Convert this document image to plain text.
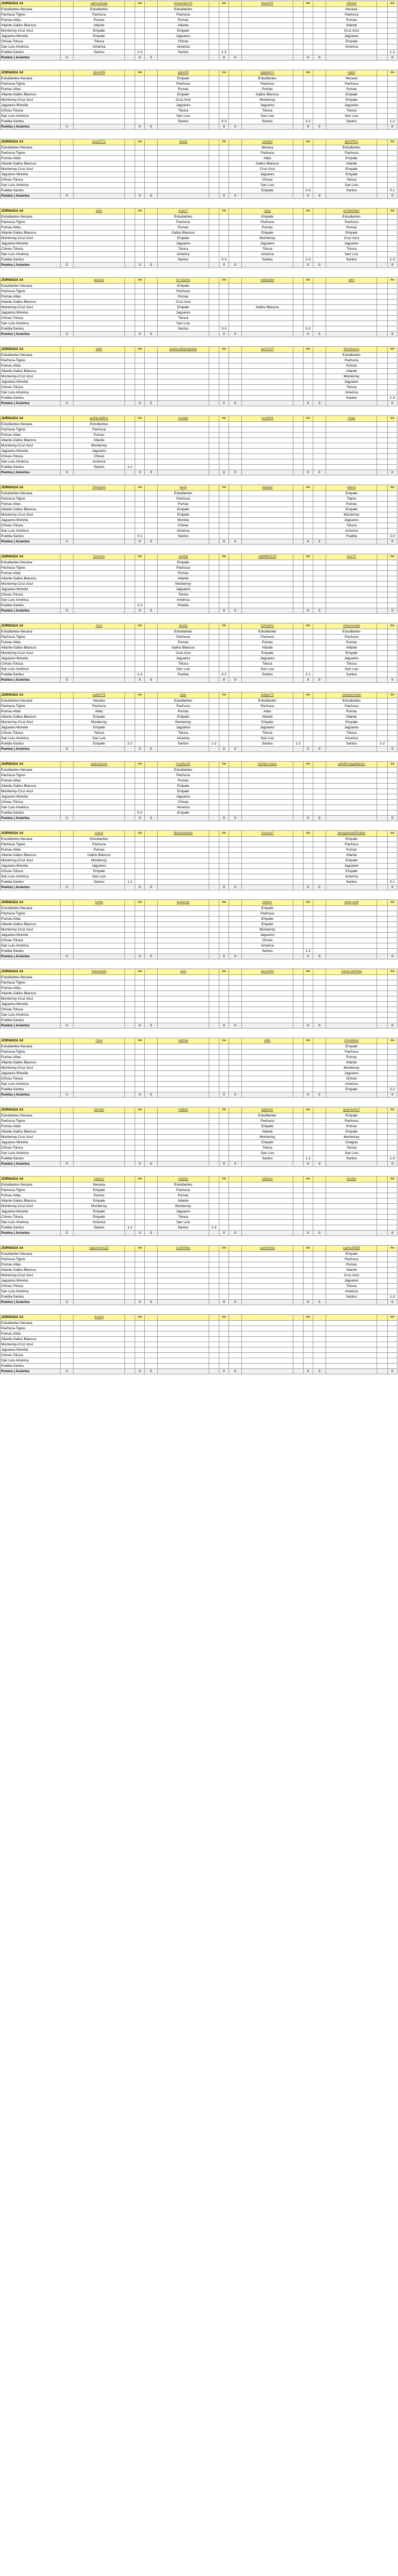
JORNADA 14		sancudoaa		=>		tooxanler10		=>		titan007		=>		silvere		=>
Estudiantes-Necaxa		Estudiantes				Estudiantes								Necaxa		
Pachuca-Tigres		Pachuca				Pachuca								Pachuca		
Pumas-Atlas		Pumas				Pumas								Pumas		
Atlante-Gallos Blancos		Atlante				Atlante								Atlante		
Monterrey-Cruz Azul		Empate				Empate								Cruz Azul		
Jaguares-Morelia		Empate				Jaguares								Jaguares		
Chivas-Toluca		Toluca				Chivas								Empate		
San Luis-América		America				America								America		
Puebla-Santos		Santos		1-3		Santos		1-2								1-2
Puntos | Aciertos	0			0	0			0	0			0	0			0
JORNADA 14		oliver95		=>		gato03		=>		gigiperr1		=>		ralph		=>
Estudiantes-Necaxa						Empate				Estudiantes				Necaxa		
Pachuca-Tigres						Pachuca				Pachuca				Pachuca		
Pumas-Atlas						Pumas				Pumas				Pumas		
Atlante-Gallos Blancos						Empate				Gallos Blancos				Empate		
Monterrey-Cruz Azul						Cruz Azul				Monterrey				Empate		
Jaguares-Morelia						Jaguares				Jaguares				Jaguares		
Chivas-Toluca						Toluca				Toluca				Toluca		
San Luis-América						San Luis				San Luis				San Luis		
Puebla-Santos						Santos		0-3		Santos		0-2		Santos		1-2
Puntos | Aciertos	0			0	0			0	0			0	0			0
JORNADA 14		ana3721		=>		niedo		=>		carako		=>		jgrh2001		=>
Estudiantes-Necaxa										Necaxa				Estudiantes		
Pachuca-Tigres										Pachuca				Pachuca		
Pumas-Atlas										Atlas				Empate		
Atlante-Gallos Blancos										Gallos Blancos				Atlante		
Monterrey-Cruz Azul										Cruz Azul				Empate		
Jaguares-Morelia										Jaguares				Empate		
Chivas-Toluca										Chivas				Toluca		
San Luis-América										San Luis				San Luis		
Puebla-Santos										Empate		0-3		Santos		0-1
Puntos | Aciertos	0			0	0			0	0			0	0			0
JORNADA 14		alito		=>		evan7		=>		raza		=>		profelelian		=>
Estudiantes-Necaxa						Estudiantes				Empate				Estudiantes		
Pachuca-Tigres						Pachuca				Pachuca				Pachuca		
Pumas-Atlas						Pumas				Pumas				Pumas		
Atlante-Gallos Blancos						Gallos Blancos				Empate				Empate		
Monterrey-Cruz Azul						Empate				Monterrey				Cruz Azul		
Jaguares-Morelia						Jaguares				Jaguares				Jaguares		
Chivas-Toluca						Toluca				Toluca				Toluca		
San Luis-América						America				America				San Luis		
Puebla-Santos						Santos		0-3		Santos		2-3		Santos		1-3
Puntos | Aciertos	0			0	0			0	0			0	0			0
JORNADA 14		acacio		=>		el mismo		=>		nebyrale		=>		alre		=>
Estudiantes-Necaxa						Empate										
Pachuca-Tigres						Pachuca										
Pumas-Atlas						Pumas										
Atlante-Gallos Blancos						Cruz Azul										
Monterrey-Cruz Azul						Empate				Gallos Blancos						
Jaguares-Morelia						Jaguares										
Chivas-Toluca						Toluca										
San Luis-América						San Luis										
Puebla-Santos						Santos		0-3				0-2				
Puntos | Aciertos	0			0	0			0	0			0	0			0
JORNADA 14		julio		=>		quiniculitgragebar		=>		gm2107		=>		ferrancers		=>
Estudiantes-Necaxa														Estudiantes		
Pachuca-Tigres														Pachuca		
Pumas-Atlas														Pumas		
Atlante-Gallos Blancos														Atlante		
Monterrey-Cruz Azul														Monterrey		
Jaguares-Morelia														Jaguares		
Chivas-Toluca														Toluca		
San Luis-América														America		
Puebla-Santos														Santos		1-3
Puntos | Aciertos	0			0	0			0	0			0	0			0
JORNADA 14		gollaruiblin1		=>		isoakti		=>		reuth54		=>		chau		=>
Estudiantes-Necaxa		Estudiantes														
Pachuca-Tigres		Pachuca														
Pumas-Atlas		Pumas														
Atlante-Gallos Blancos		Atlante														
Monterrey-Cruz Azul		Monterrey														
Jaguares-Morelia		Jaguares														
Chivas-Toluca		Chivas														
San Luis-América		America														
Puebla-Santos		Santos	1-2													
Puntos | Aciertos	0			0	0			0	0			0	0			0
JORNADA 14		zhoquim		=>		kevil		=>		nijaojiz		=>		karvy		=>
Estudiantes-Necaxa						Estudiantes								Empate		
Pachuca-Tigres						Pachuca								Tigres		
Pumas-Atlas						Pumas								Pumas		
Atlante-Gallos Blancos						Empate								Empate		
Monterrey-Cruz Azul						Empate								Monterrey		
Jaguares-Morelia						Morelia								Jaguares		
Chivas-Toluca						Chivas								Toluca		
San Luis-América						America								America		
Puebla-Santos				0-1		Santos								Puebla		2-0
Puntos | Aciertos	0			0	0			0	0			0	0			0
JORNADA 14		preloso		=>		sentig		=>		sfg9963100		=>		luis72		=>
Estudiantes-Necaxa						Empate										
Pachuca-Tigres						Pachuca										
Pumas-Atlas						Pumas										
Atlante-Gallos Blancos						Atlante										
Monterrey-Cruz Azul						Monterrey										
Jaguares-Morelia						Jaguares										
Chivas-Toluca						Toluca										
San Luis-América						América										
Puebla-Santos				2-2		Puebla										
Puntos | Aciertos	0			0	0			0	0			0	0			0
JORNADA 14		Jero		=>		pirelo		=>		fufrutero		=>		mececuela		=>
Estudiantes-Necaxa						Estudiantes				Estudiantes				Estudiantes		
Pachuca-Tigres						Pachuca				Pachuca				Pachuca		
Pumas-Atlas						Pumas				Pumas				Pumas		
Atlante-Gallos Blancos						Gallos Blancos				Atlante				Atlante		
Monterrey-Cruz Azul						Cruz Azul				Empate				Empate		
Jaguares-Morelia						Jaguares				Jaguares				Jaguares		
Chivas-Toluca						Toluca				Toluca				Toluca		
San Luis-América						San Luis				San Luis				San Luis		
Puebla-Santos				2-3		Puebla		0-2		Santos		2-1		Santos		
Puntos | Aciertos	0			0	0			0	0			0	0			0
JORNADA 14		pablo79		=>		klau		=>		edgar70		=>		claseprestar		=>
Estudiantes-Necaxa		Necaxa				Estudiantes				Estudiantes				Estudiantes		
Pachuca-Tigres		Pachuca				Pachuca				Pachuca				Pachuca		
Pumas-Atlas		Atlas				Pumas				Atlas				Pumas		
Atlante-Gallos Blancos		Empate				Empate				Atlante				Atlante		
Monterrey-Cruz Azul		Monterrey				Monterrey				Empate				Empate		
Jaguares-Morelia		Empate				Jaguares				Jaguares				Jaguares		
Chivas-Toluca		Toluca				Toluca				Toluca				Toluca		
San Luis-América		San Luis				America				San Luis				America		
Puebla-Santos		Empate	2-2			Santos	1-2			Santos	1-2			Santos	1-2	
Puntos | Aciertos	0			0	0			0	0			0	0			0
JORNADA 14		saqudoson		=>		mayitu25		=>		reinfia-reyes		=>		adolfomagellanes		=>
Estudiantes-Necaxa						Estudiantes										
Pachuca-Tigres						Pachuca										
Pumas-Atlas						Pumas										
Atlante-Gallos Blancos						Empate										
Monterrey-Cruz Azul						Empate										
Jaguares-Morelia						Jaguares										
Chivas-Toluca						Chivas										
San Luis-América						America										
Puebla-Santos				0-2		Empate										
Puntos | Aciertos	0			0	0			0	0			0	0			0
JORNADA 14		mario		=>		dlokandrade		=>		chuuin0		=>		abogadodelDiablo		=>
Estudiantes-Necaxa		Estudiantes												Empate		
Pachuca-Tigres		Pachuca												Pachuca		
Pumas-Atlas		Pumas												Pumas		
Atlante-Gallos Blancos		Gallos Blancos												Atlante		
Monterrey-Cruz Azul		Monterrey												Empate		
Jaguares-Morelia		Jaguares												Jaguares		
Chivas-Toluca		Empate												Empate		
San Luis-América		San Luis												America		
Puebla-Santos		Santos	1-2											Santos		2-1
Puntos | Aciertos	0			0	0			0	0			0	0			0
JORNADA 14		turtle		=>		kukas11		=>		petkor		=>		dark-wolf		=>
Estudiantes-Necaxa										Empate						
Pachuca-Tigres										Pachuca						
Pumas-Atlas										Empate						
Atlante-Gallos Blancos										Empate						
Monterrey-Cruz Azul										Monterrey						
Jaguares-Morelia										Jaguares						
Chivas-Toluca										Chivas						
San Luis-América										America						
Puebla-Santos										Santos		1-2				
Puntos | Aciertos	0			0	0			0	0			0	0			0
JORNADA 14		isauracito		=>		savi		=>		yessirdo		=>		vang-vantista		=>
Estudiantes-Necaxa																
Pachuca-Tigres																
Pumas-Atlas																
Atlante-Gallos Blancos																
Monterrey-Cruz Azul																
Jaguares-Morelia																
Chivas-Toluca																
San Luis-América																
Puebla-Santos																
Puntos | Aciertos	0			0	0			0	0			0	0			0
JORNADA 14		roca		=>		selmie		=>		etlik		=>		chivaldez		=>
Estudiantes-Necaxa														Empate		
Pachuca-Tigres														Pachuca		
Pumas-Atlas														Pumas		
Atlante-Gallos Blancos														Atlante		
Monterrey-Cruz Azul														Monterrey		
Jaguares-Morelia														Jaguares		
Chivas-Toluca														Chivas		
San Luis-América														America		
Puebla-Santos														Empate		2-2
Puntos | Aciertos	0			0	0			0	0			0	0			0
JORNADA 14		elrulas		=>		robbin		=>		jalberto		=>		guerrerito7		=>
Estudiantes-Necaxa										Estudiantes				Empate		
Pachuca-Tigres										Pachuca				Pachuca		
Pumas-Atlas										Empate				Pumas		
Atlante-Gallos Blancos										Atlante				Empate		
Monterrey-Cruz Azul										Monterrey				Monterrey		
Jaguares-Morelia										Empate				Chiapas		
Chivas-Toluca										Toluca				Toluca		
San Luis-América										San Luis				San Luis		
Puebla-Santos										Santos		1-2		Santos		1-3
Puntos | Aciertos	0			0	0			0	0			0	0			0
JORNADA 14		valeno		=>		chelsy		=>		rotteno		=>		tombo		=>
Estudiantes-Necaxa		Necaxa				Estudiantes										
Pachuca-Tigres		Empate				Pachuca										
Pumas-Atlas		Pumas				Pumas										
Atlante-Gallos Blancos		Empate				Atlante										
Monterrey-Cruz Azul		Monterrey				Monterrey										
Jaguares-Morelia		Empate				Jaguares										
Chivas-Toluca		Empate				Toluca										
San Luis-América		America				San Luis										
Puebla-Santos		Santos	1-2			Santos	1-3									
Puntos | Aciertos	0			0	0			0	0			0	0			0
JORNADA 14		laguneros22		=>		tu2000tic		=>		sanchinta		=>		carlos6359		=>
Estudiantes-Necaxa														Empate		
Pachuca-Tigres														Pachuca		
Pumas-Atlas														Pumas		
Atlante-Gallos Blancos														Atlante		
Monterrey-Cruz Azul														Cruz Azul		
Jaguares-Morelia														Jaguares		
Chivas-Toluca														Toluca		
San Luis-América														America		
Puebla-Santos														Santos		1-2
Puntos | Aciertos	0			0	0			0	0			0	0			0
JORNADA 14		tludoil		=>				=>				=>				=>
Estudiantes-Necaxa																
Pachuca-Tigres																
Pumas-Atlas																
Atlante-Gallos Blancos																
Monterrey-Cruz Azul																
Jaguares-Morelia																
Chivas-Toluca																
San Luis-América																
Puebla-Santos																
Puntos | Aciertos	0			0	0			0	0			0	0			0
